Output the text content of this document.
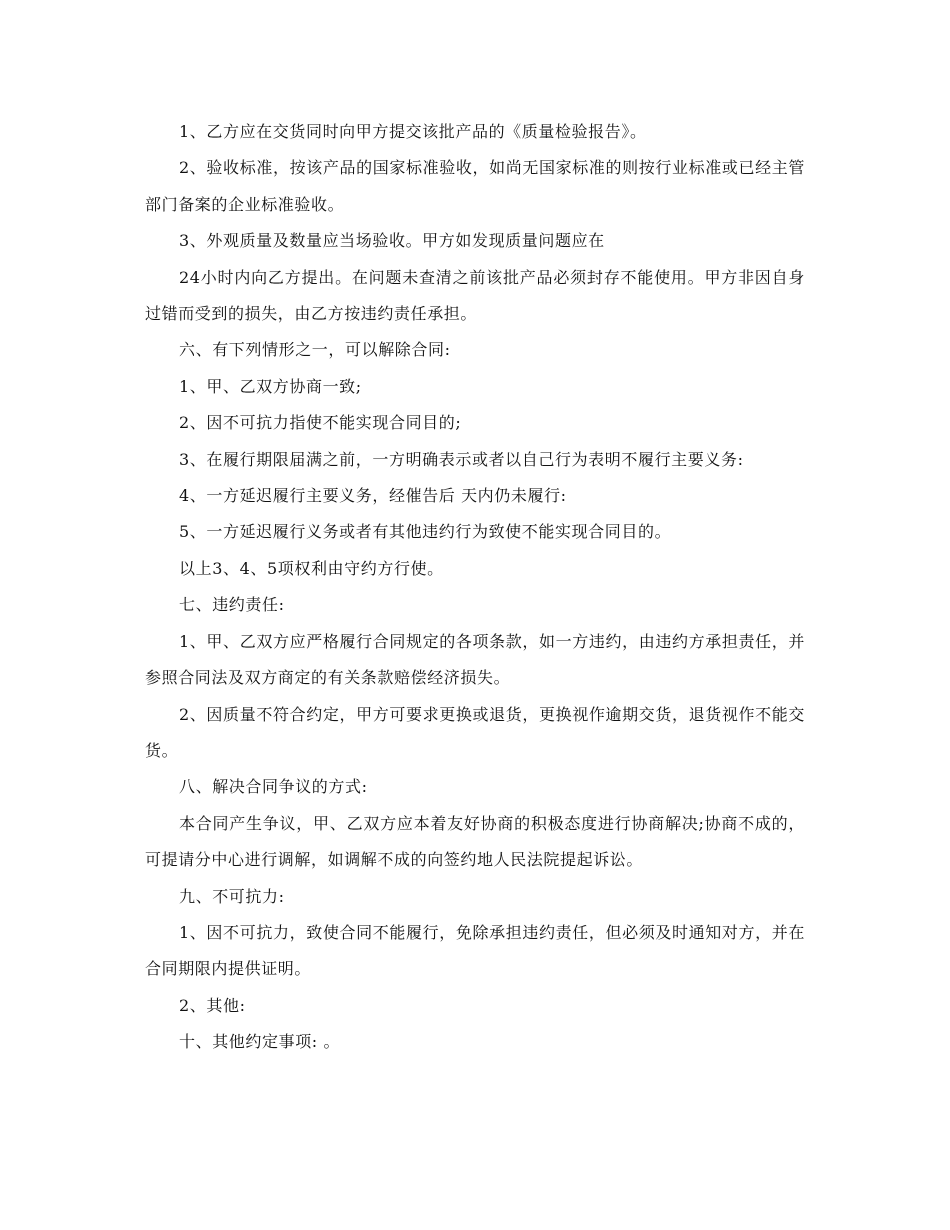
1、乙方应在交货同时向甲方提交该批产品的《质量检验报告》。

2、验收标准，按该产品的国家标准验收，如尚无国家标准的则按行业标准或已经主管部门备案的企业标准验收。

3、外观质量及数量应当场验收。甲方如发现质量问题应在

24小时内向乙方提出。在问题未查清之前该批产品必须封存不能使用。甲方非因自身过错而受到的损失，由乙方按违约责任承担。

六、有下列情形之一，可以解除合同:

1、甲、乙双方协商一致;

2、因不可抗力指使不能实现合同目的;

3、在履行期限届满之前，一方明确表示或者以自己行为表明不履行主要义务:

4、一方延迟履行主要义务，经催告后 天内仍未履行:

5、一方延迟履行义务或者有其他违约行为致使不能实现合同目的。

以上3、4、5项权利由守约方行使。

七、违约责任:

1、甲、乙双方应严格履行合同规定的各项条款，如一方违约，由违约方承担责任，并参照合同法及双方商定的有关条款赔偿经济损失。

2、因质量不符合约定，甲方可要求更换或退货，更换视作逾期交货，退货视作不能交货。

八、解决合同争议的方式:

本合同产生争议，甲、乙双方应本着友好协商的积极态度进行协商解决;协商不成的，可提请分中心进行调解，如调解不成的向签约地人民法院提起诉讼。

九、不可抗力:

1、因不可抗力，致使合同不能履行，免除承担违约责任，但必须及时通知对方，并在合同期限内提供证明。

2、其他:

十、其他约定事项: 。
